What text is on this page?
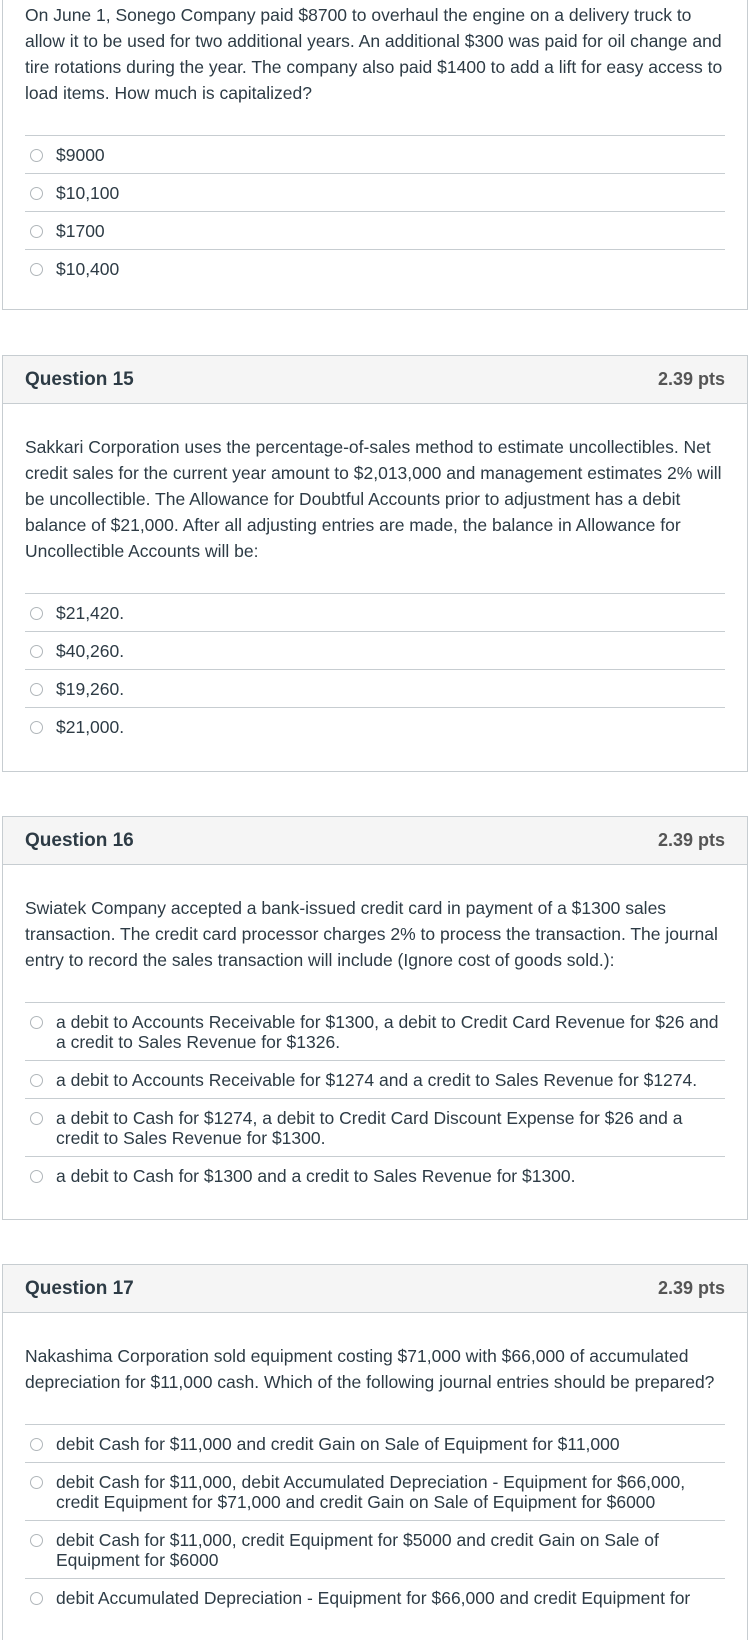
On June 1, Sonego Company paid $8700 to overhaul the engine on a delivery truck to allow it to be used for two additional years. An additional $300 was paid for oil change and tire rotations during the year. The company also paid $1400 to add a lift for easy access to load items. How much is capitalized?
$9000
$10,100
$1700
$10,400
Question 15	2.39 pts
Sakkari Corporation uses the percentage-of-sales method to estimate uncollectibles. Net credit sales for the current year amount to $2,013,000 and management estimates 2% will be uncollectible. The Allowance for Doubtful Accounts prior to adjustment has a debit balance of $21,000. After all adjusting entries are made, the balance in Allowance for Uncollectible Accounts will be:
$21,420.
$40,260.
$19,260.
$21,000.
Question 16	2.39 pts
Swiatek Company accepted a bank-issued credit card in payment of a $1300 sales transaction. The credit card processor charges 2% to process the transaction. The journal entry to record the sales transaction will include (Ignore cost of goods sold.):
a debit to Accounts Receivable for $1300, a debit to Credit Card Revenue for $26 and a credit to Sales Revenue for $1326.
a debit to Accounts Receivable for $1274 and a credit to Sales Revenue for $1274.
a debit to Cash for $1274, a debit to Credit Card Discount Expense for $26 and a credit to Sales Revenue for $1300.
a debit to Cash for $1300 and a credit to Sales Revenue for $1300.
Question 17	2.39 pts
Nakashima Corporation sold equipment costing $71,000 with $66,000 of accumulated depreciation for $11,000 cash. Which of the following journal entries should be prepared?
debit Cash for $11,000 and credit Gain on Sale of Equipment for $11,000
debit Cash for $11,000, debit Accumulated Depreciation - Equipment for $66,000, credit Equipment for $71,000 and credit Gain on Sale of Equipment for $6000
debit Cash for $11,000, credit Equipment for $5000 and credit Gain on Sale of Equipment for $6000
debit Accumulated Depreciation - Equipment for $66,000 and credit Equipment for
